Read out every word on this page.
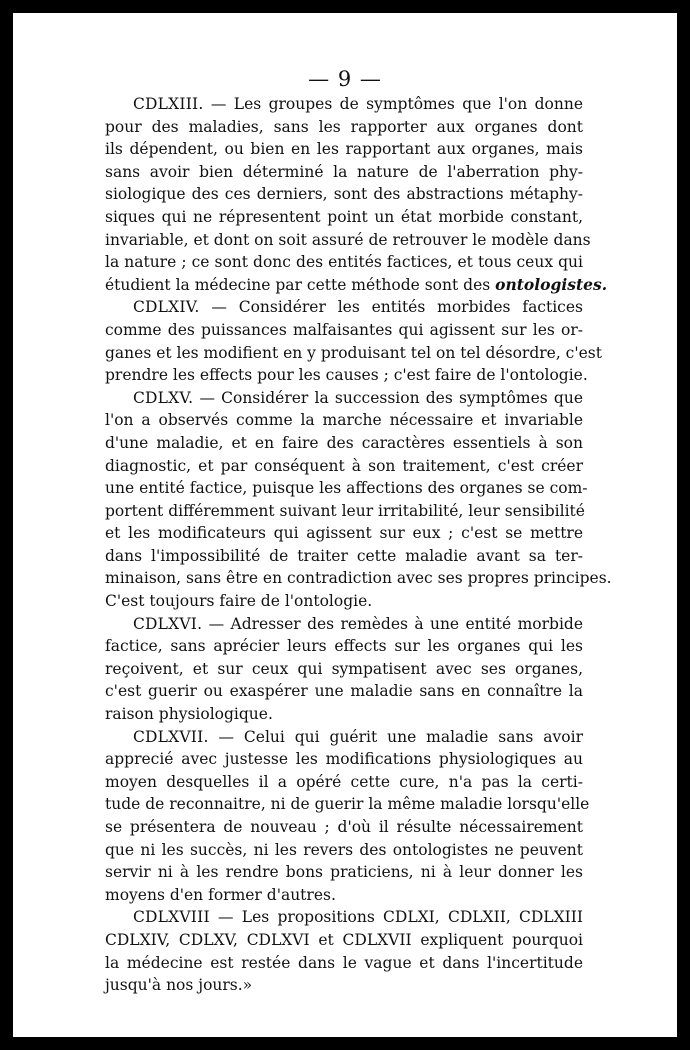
— 9 —

CDLXIII. — Les groupes de symptômes que l'on donne
pour des maladies, sans les rapporter aux organes dont
ils dépendent, ou bien en les rapportant aux organes, mais
sans avoir bien déterminé la nature de l'aberration phy-
siologique des ces derniers, sont des abstractions métaphy-
siques qui ne répresentent point un état morbide constant,
invariable, et dont on soit assuré de retrouver le modèle dans
la nature ; ce sont donc des entités factices, et tous ceux qui
étudient la médecine par cette méthode sont des ontologistes.

CDLXIV. — Considérer les entités morbides factices
comme des puissances malfaisantes qui agissent sur les or-
ganes et les modifient en y produisant tel on tel désordre, c'est
prendre les effects pour les causes ; c'est faire de l'ontologie.

CDLXV. — Considérer la succession des symptômes que
l'on a observés comme la marche nécessaire et invariable
d'une maladie, et en faire des caractères essentiels à son
diagnostic, et par conséquent à son traitement, c'est créer
une entité factice, puisque les affections des organes se com-
portent différemment suivant leur irritabilité, leur sensibilité
et les modificateurs qui agissent sur eux ; c'est se mettre
dans l'impossibilité de traiter cette maladie avant sa ter-
minaison, sans être en contradiction avec ses propres principes.
C'est toujours faire de l'ontologie.

CDLXVI. — Adresser des remèdes à une entité morbide
factice, sans aprécier leurs effects sur les organes qui les
reçoivent, et sur ceux qui sympatisent avec ses organes,
c'est guerir ou exaspérer une maladie sans en connaître la
raison physiologique.

CDLXVII. — Celui qui guérit une maladie sans avoir
apprecié avec justesse les modifications physiologiques au
moyen desquelles il a opéré cette cure, n'a pas la certi-
tude de reconnaitre, ni de guerir la même maladie lorsqu'elle
se présentera de nouveau ; d'où il résulte nécessairement
que ni les succès, ni les revers des ontologistes ne peuvent
servir ni à les rendre bons praticiens, ni à leur donner les
moyens d'en former d'autres.

CDLXVIII — Les propositions CDLXI, CDLXII, CDLXIII
CDLXIV, CDLXV, CDLXVI et CDLXVII expliquent pourquoi
la médecine est restée dans le vague et dans l'incertitude
jusqu'à nos jours.»
